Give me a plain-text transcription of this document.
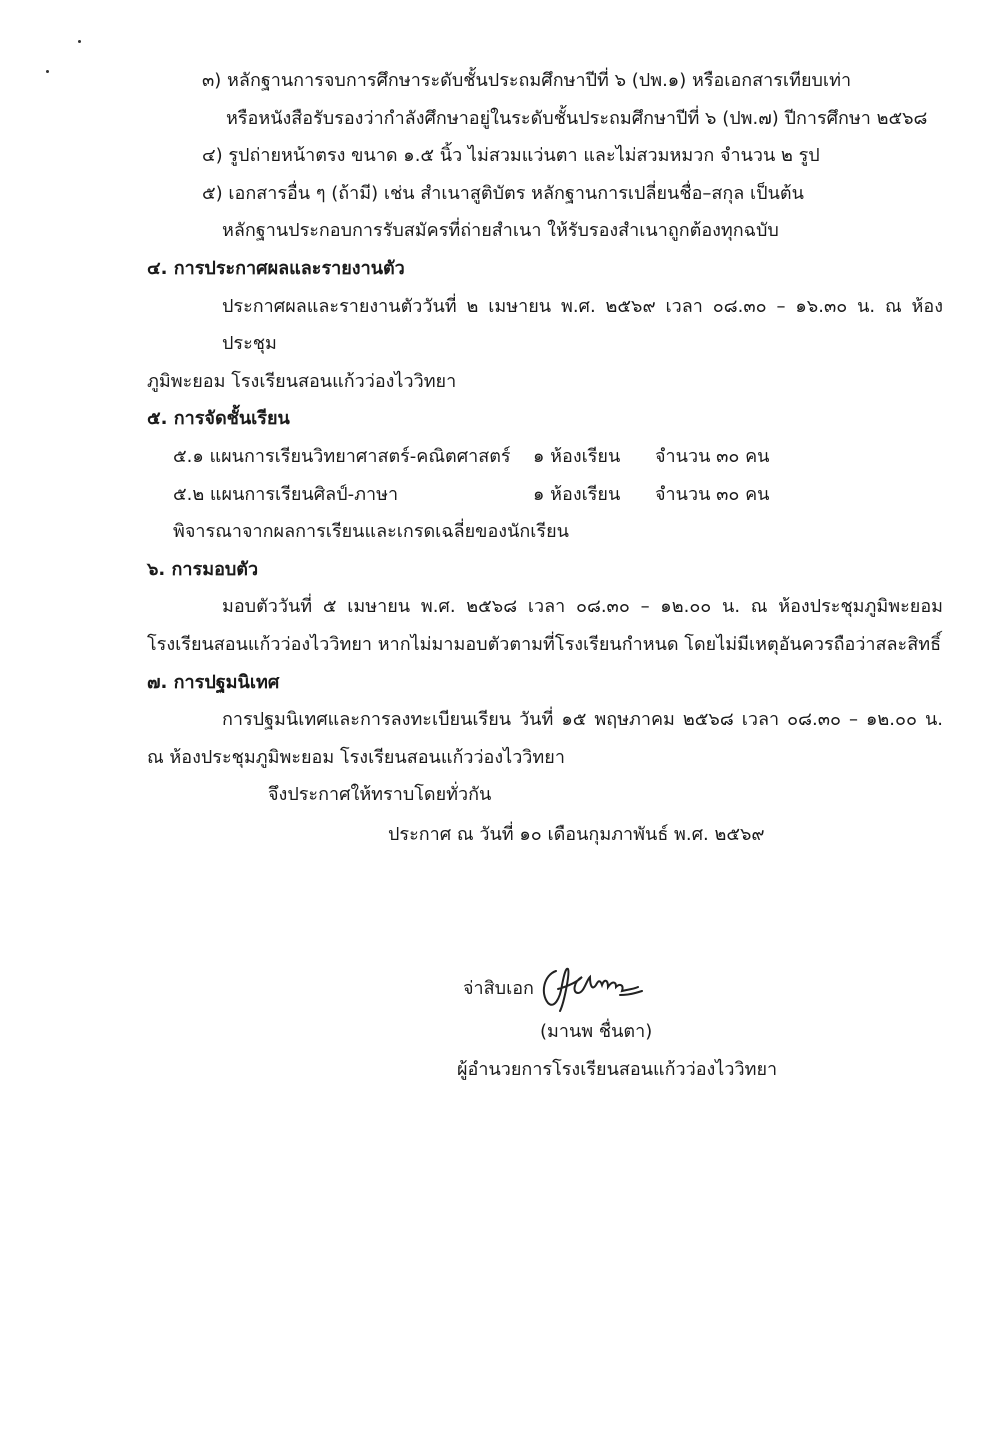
๓) หลักฐานการจบการศึกษาระดับชั้นประถมศึกษาปีที่ ๖ (ปพ.๑) หรือเอกสารเทียบเท่า
หรือหนังสือรับรองว่ากำลังศึกษาอยู่ในระดับชั้นประถมศึกษาปีที่ ๖ (ปพ.๗) ปีการศึกษา ๒๕๖๘
๔) รูปถ่ายหน้าตรง ขนาด ๑.๕ นิ้ว ไม่สวมแว่นตา และไม่สวมหมวก จำนวน ๒ รูป
๕) เอกสารอื่น ๆ (ถ้ามี) เช่น สำเนาสูติบัตร หลักฐานการเปลี่ยนชื่อ–สกุล เป็นต้น
หลักฐานประกอบการรับสมัครที่ถ่ายสำเนา ให้รับรองสำเนาถูกต้องทุกฉบับ
๔. การประกาศผลและรายงานตัว
ประกาศผลและรายงานตัววันที่ ๒ เมษายน พ.ศ. ๒๕๖๙ เวลา ๐๘.๓๐ – ๑๖.๓๐ น. ณ ห้องประชุม
ภูมิพะยอม โรงเรียนสอนแก้วว่องไววิทยา
๕. การจัดชั้นเรียน
๕.๑ แผนการเรียนวิทยาศาสตร์-คณิตศาสตร์	๑ ห้องเรียน	จำนวน ๓๐ คน
๕.๒ แผนการเรียนศิลป์-ภาษา	๑ ห้องเรียน	จำนวน ๓๐ คน
พิจารณาจากผลการเรียนและเกรดเฉลี่ยของนักเรียน
๖. การมอบตัว
มอบตัววันที่ ๕ เมษายน พ.ศ. ๒๕๖๘ เวลา ๐๘.๓๐ – ๑๒.๐๐ น. ณ ห้องประชุมภูมิพะยอม
โรงเรียนสอนแก้วว่องไววิทยา หากไม่มามอบตัวตามที่โรงเรียนกำหนด โดยไม่มีเหตุอันควรถือว่าสละสิทธิ์
๗. การปฐมนิเทศ
การปฐมนิเทศและการลงทะเบียนเรียน วันที่ ๑๕ พฤษภาคม ๒๕๖๘ เวลา ๐๘.๓๐ – ๑๒.๐๐ น.
ณ ห้องประชุมภูมิพะยอม โรงเรียนสอนแก้วว่องไววิทยา
จึงประกาศให้ทราบโดยทั่วกัน
ประกาศ ณ วันที่ ๑๐ เดือนกุมภาพันธ์ พ.ศ. ๒๕๖๙
จ่าสิบเอก
(มานพ ชื่นตา)
ผู้อำนวยการโรงเรียนสอนแก้วว่องไววิทยา
